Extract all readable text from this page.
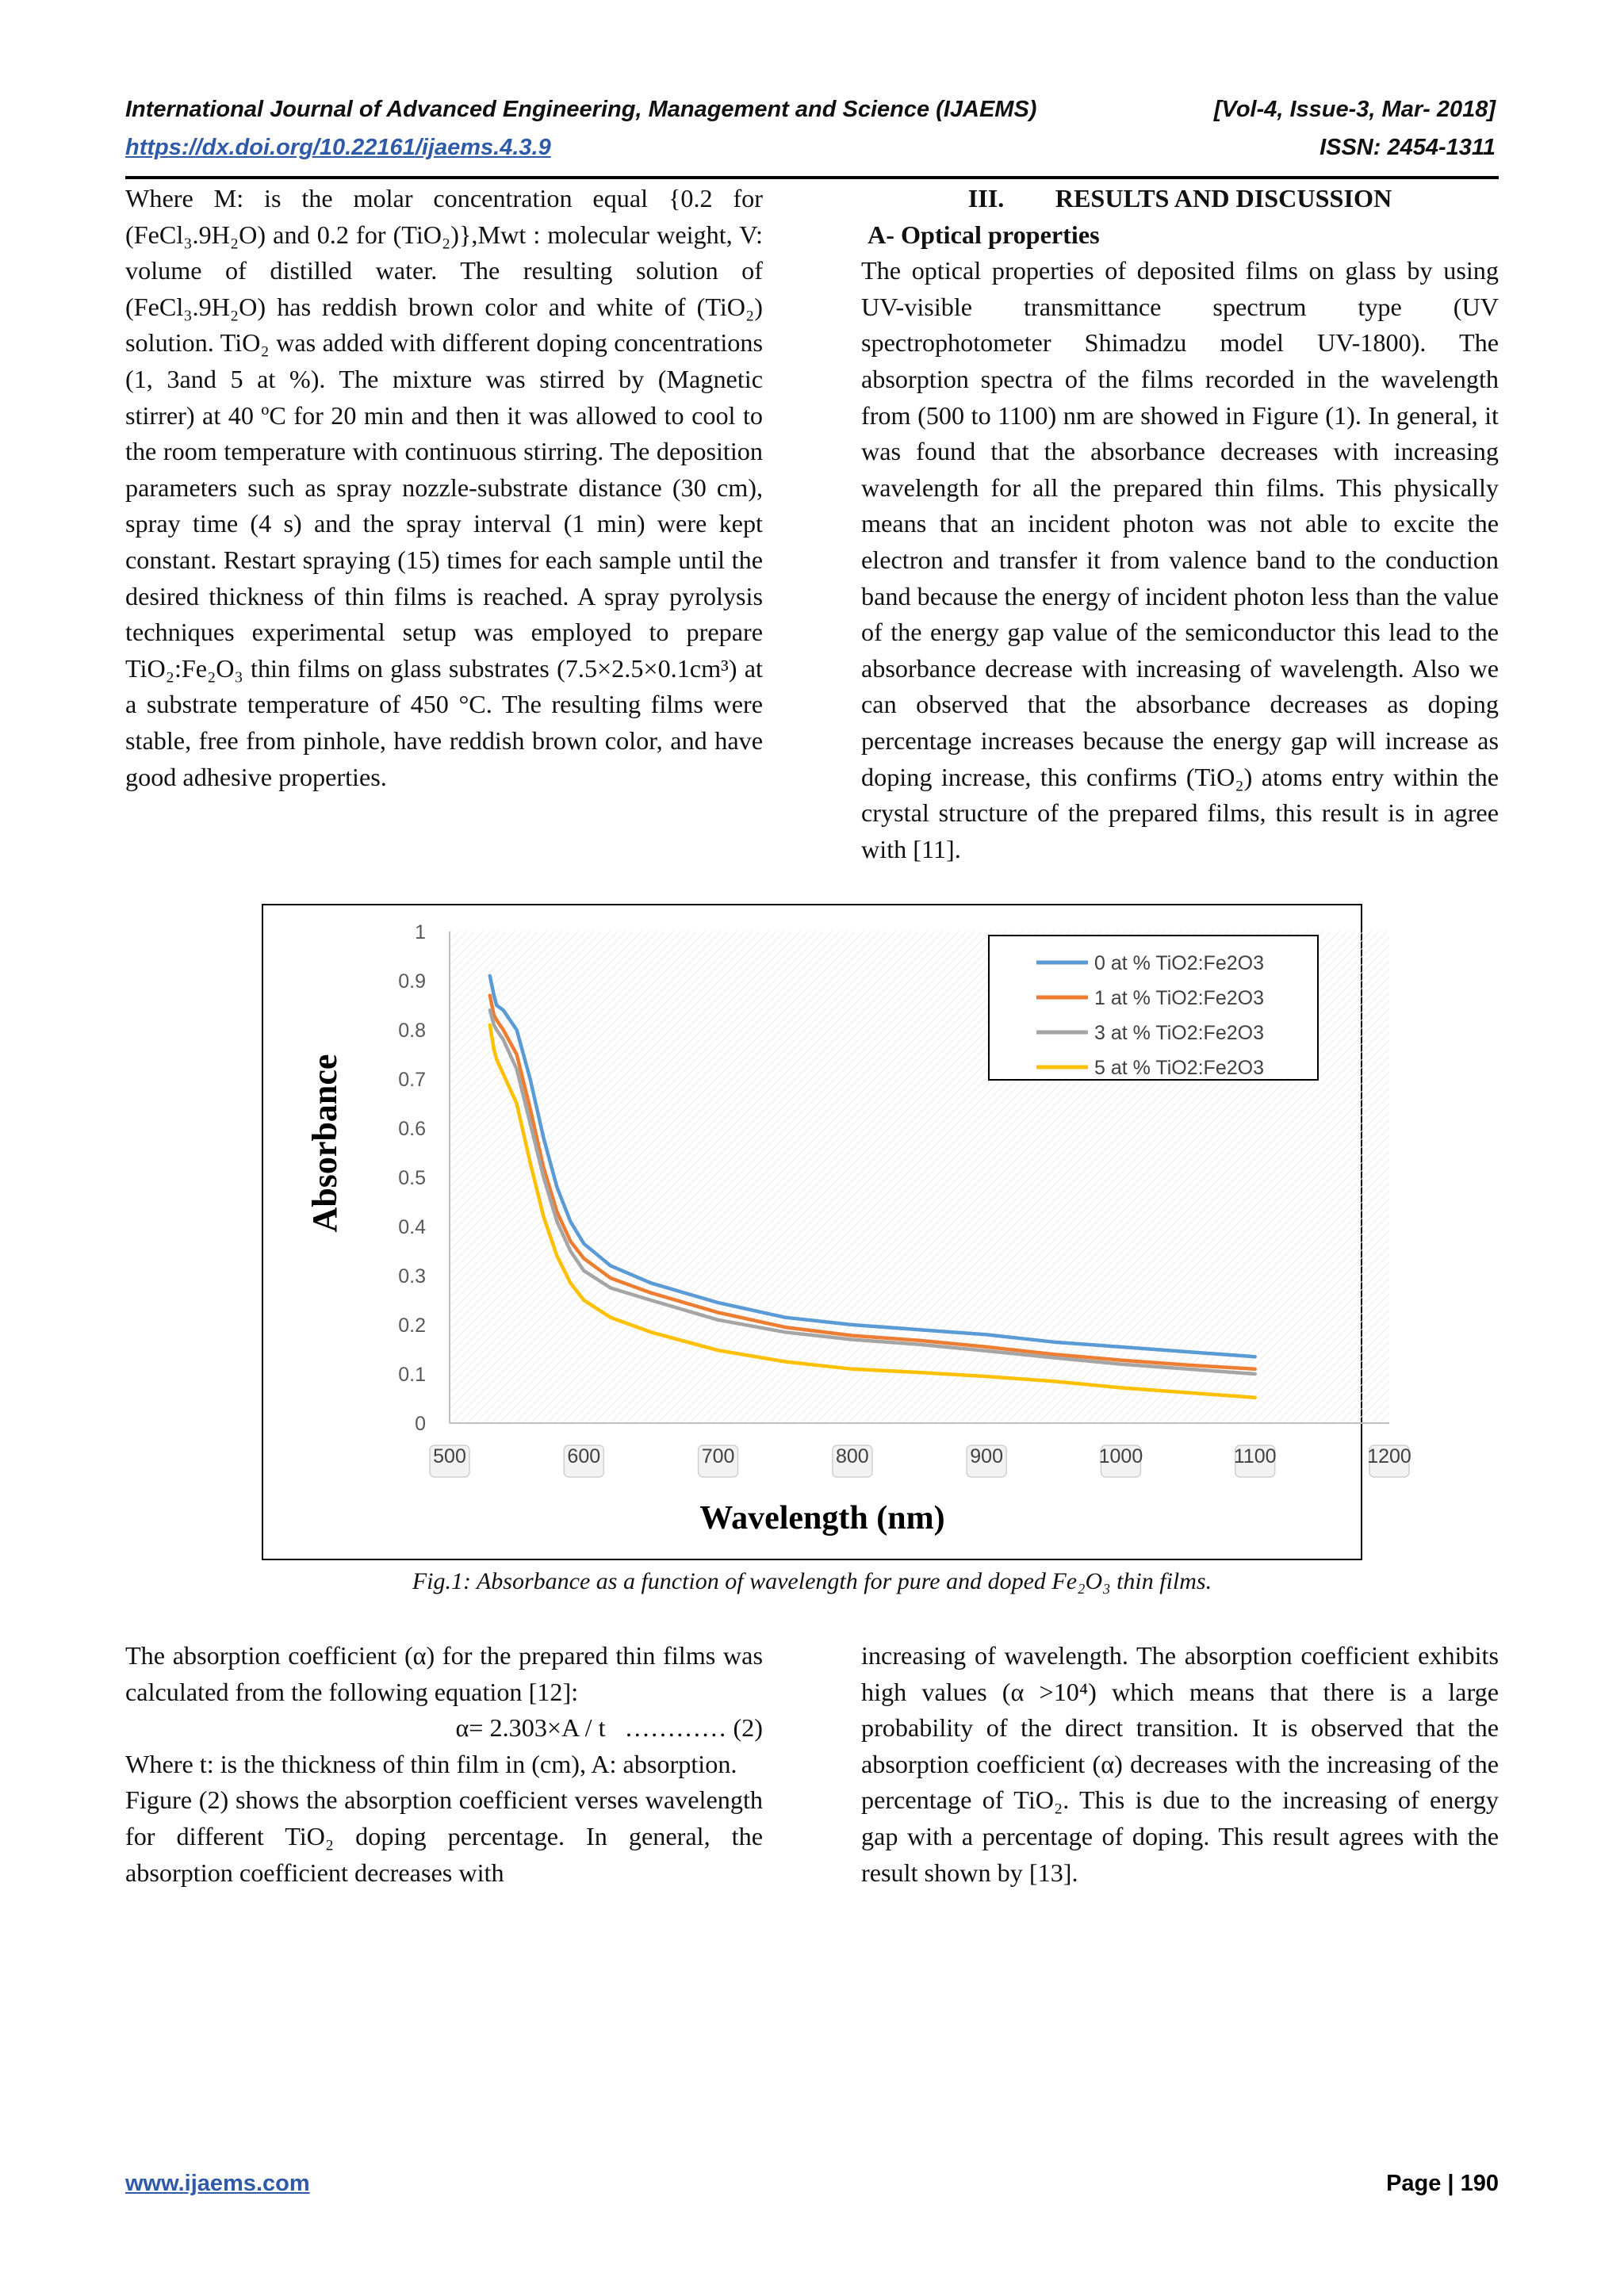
International Journal of Advanced Engineering, Management and Science (IJAEMS)	[Vol-4, Issue-3, Mar- 2018]
https://dx.doi.org/10.22161/ijaems.4.3.9	ISSN: 2454-1311

Where M: is the molar concentration equal {0.2 for (FeCl₃.9H₂O) and 0.2 for (TiO₂)},Mwt : molecular weight, V: volume of distilled water. The resulting solution of (FeCl₃.9H₂O) has reddish brown color and white of (TiO₂) solution. TiO₂ was added with different doping concentrations (1, 3and 5 at %). The mixture was stirred by (Magnetic stirrer) at 40 ºC for 20 min and then it was allowed to cool to the room temperature with continuous stirring. The deposition parameters such as spray nozzle-substrate distance (30 cm), spray time (4 s) and the spray interval (1 min) were kept constant. Restart spraying (15) times for each sample until the desired thickness of thin films is reached. A spray pyrolysis techniques experimental setup was employed to prepare TiO₂:Fe₂O₃ thin films on glass substrates (7.5×2.5×0.1cm³) at a substrate temperature of 450 °C. The resulting films were stable, free from pinhole, have reddish brown color, and have good adhesive properties.

III.        RESULTS AND DISCUSSION

A- Optical properties

The optical properties of deposited films on glass by using UV-visible transmittance spectrum type (UV spectrophotometer Shimadzu model UV-1800). The absorption spectra of the films recorded in the wavelength from (500 to 1100) nm are showed in Figure (1). In general, it was found that the absorbance decreases with increasing wavelength for all the prepared thin films. This physically means that an incident photon was not able to excite the electron and transfer it from valence band to the conduction band because the energy of incident photon less than the value of the energy gap value of the semiconductor this lead to the absorbance decrease with increasing of wavelength. Also we can observed that the absorbance decreases as doping percentage increases because the energy gap will increase as doping increase, this confirms (TiO₂) atoms entry within the crystal structure of the prepared films, this result is in agree with [11].

0
0.1
0.2
0.3
0.4
0.5
0.6
0.7
0.8
0.9
1
500	600	700	800	900	1000	1100	1200
0 at % TiO2:Fe2O3
1 at % TiO2:Fe2O3
3 at % TiO2:Fe2O3
5 at % TiO2:Fe2O3
Absorbance
Wavelength (nm)
Fig.1: Absorbance as a function of wavelength for pure and doped Fe₂O₃ thin films.

The absorption coefficient (α) for the prepared thin films was calculated from the following equation [12]:

α= 2.303×A / t   ………… (2)

Where t: is the thickness of thin film in (cm), A: absorption.

Figure (2) shows the absorption coefficient verses wavelength for different TiO₂ doping percentage. In general, the absorption coefficient decreases with

increasing of wavelength. The absorption coefficient exhibits high values (α >10⁴) which means that there is a large probability of the direct transition. It is observed that the absorption coefficient (α) decreases with the increasing of the percentage of TiO₂. This is due to the increasing of energy gap with a percentage of doping. This result agrees with the result shown by [13].

www.ijaems.com	Page | 190
